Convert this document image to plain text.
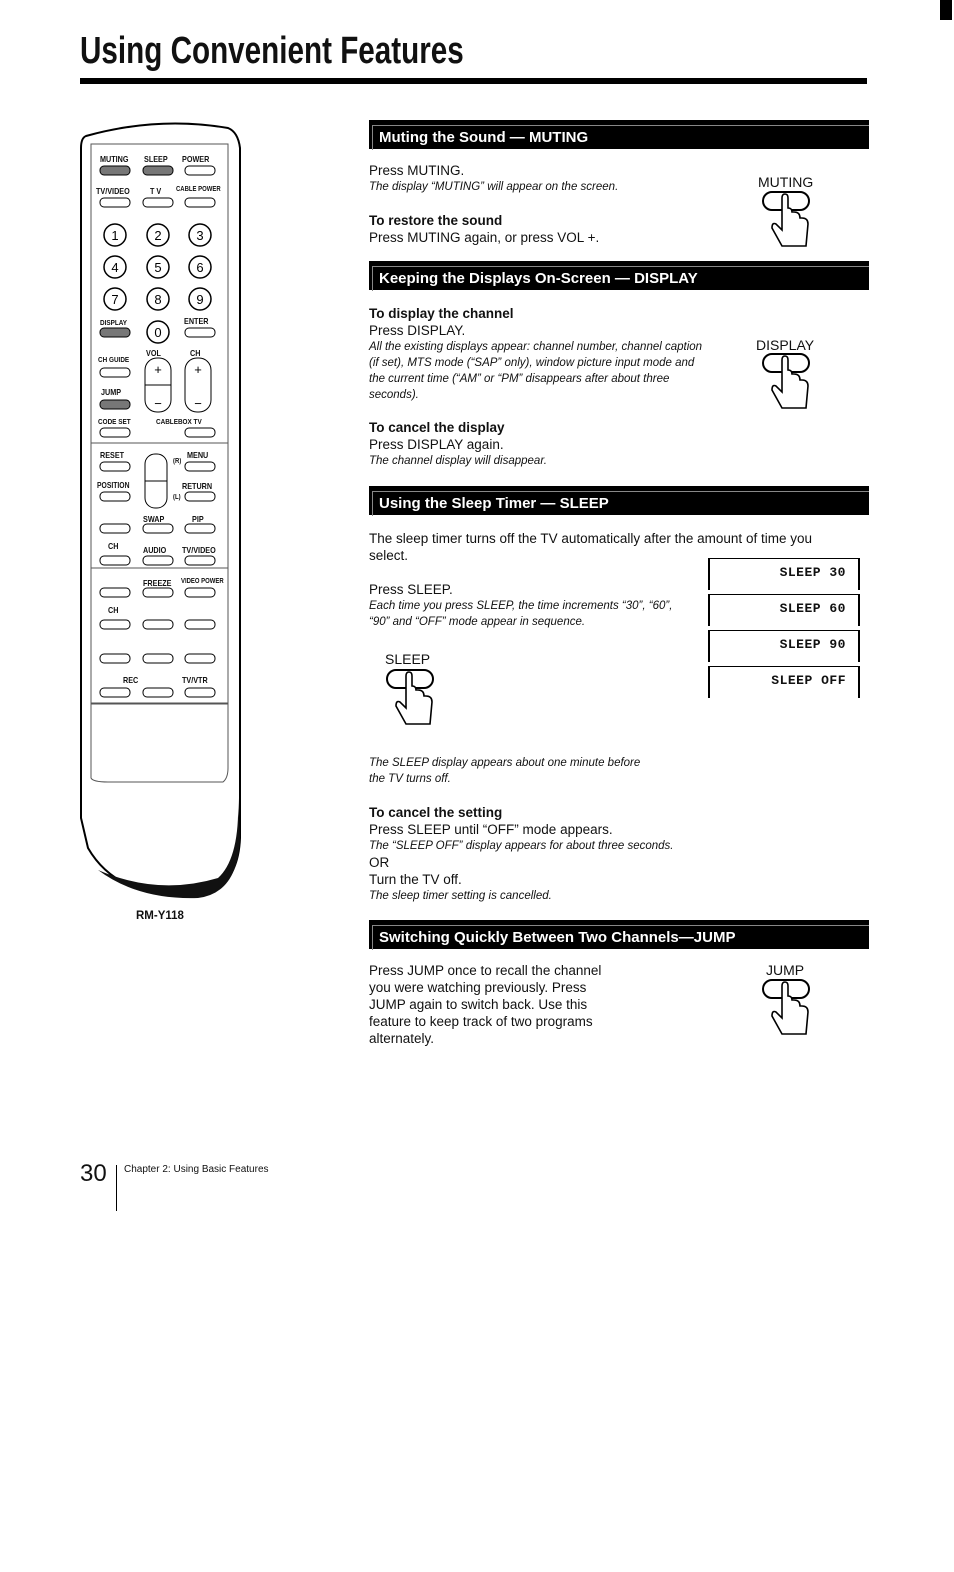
Using Convenient Features
1	2	3
4	5	6
7	8	9
0
+
−
+
−
MUTING SLEEP POWER
TV/VIDEO T V CABLE POWER
DISPLAY	ENTER
CH GUIDE
VOL	CH
JUMP
CODE SET	CABLEBOX TV
RESET	MENU
(R)
(L)
POSITION	RETURN
SWAP	PIP
CH	AUDIO TV/VIDEO
FREEZE VIDEO POWER
CH
REC	TV/VTR
RM-Y118
Muting the Sound — MUTING
Press MUTING.
The display “MUTING” will appear on the screen.
To restore the sound
Press MUTING again, or press VOL +.
MUTING
Keeping the Displays On-Screen — DISPLAY
To display the channel
Press DISPLAY.
All the existing displays appear: channel number, channel caption
(if set), MTS mode (“SAP” only), window picture input mode and
the current time (“AM” or “PM” disappears after about three
seconds).
To cancel the display
Press DISPLAY again.
The channel display will disappear.
DISPLAY
Using the Sleep Timer — SLEEP
The sleep timer turns off the TV automatically after the amount of time you
select.
Press SLEEP.
Each time you press SLEEP, the time increments “30”, “60”,
“90” and “OFF” mode appear in sequence.
SLEEP
SLEEP 30
SLEEP 60
SLEEP 90
SLEEP OFF
The SLEEP display appears about one minute before
the TV turns off.
To cancel the setting
Press SLEEP until “OFF” mode appears.
The “SLEEP OFF” display appears for about three seconds.
OR
Turn the TV off.
The sleep timer setting is cancelled.
Switching Quickly Between Two Channels—JUMP
Press JUMP once to recall the channel
you were watching previously. Press
JUMP again to switch back. Use this
feature to keep track of two programs
alternately.
JUMP
30 Chapter 2: Using Basic Features
